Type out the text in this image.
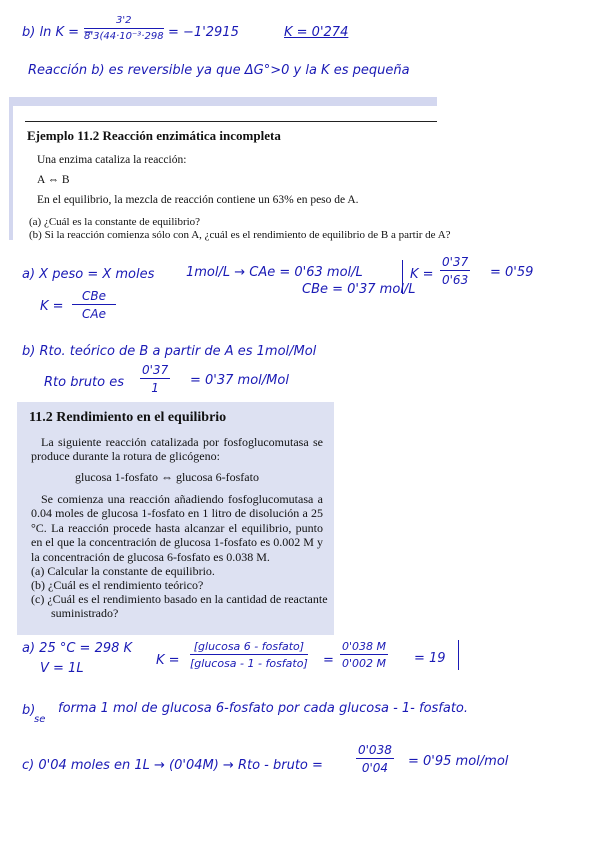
b) ln K = −
$\frac{3'2}{\text{8'3(44·10⁻³·298}} = -1'2915$	K = 0'274
Reacción b) es reversible ya que ΔG°>0 y la K es pequeña
Ejemplo 11.2 Reacción enzimática incompleta
Una enzima cataliza la reacción:
A ⇔ B
En el equilibrio, la mezcla de reacción contiene un 63% en peso de A.
(a) ¿Cuál es la constante de equilibrio?
(b) Si la reacción comienza sólo con A, ¿cuál es el rendimiento de equilibrio de B a partir de A?
a) X peso = X moles 1mol/L → CAe = 0'63 mol/L
CBe = 0'37 mol/L
$K = \frac{0'37}{0'63} = 0'59$
K =
CBe
CAe
b) Rto. teórico de B a partir de A es 1mol/Mol
Rto bruto es $\frac{0'37}{1} = 0'37$ mol/Mol
11.2 Rendimiento en el equilibrio
La siguiente reacción catalizada por fosfoglucomutasa se produce durante la rotura de glicógeno:
glucosa 1-fosfato ⇔ glucosa 6-fosfato
Se comienza una reacción añadiendo fosfoglucomutasa a 0.04 moles de glucosa 1-fosfato en 1 litro de disolución a 25 °C. La reacción procede hasta alcanzar el equilibrio, punto en el que la concentración de glucosa 1-fosfato es 0.002 M y la concentración de glucosa 6-fosfato es 0.038 M.
(a) Calcular la constante de equilibrio.
(b) ¿Cuál es el rendimiento teórico?
(c) ¿Cuál es el rendimiento basado en la cantidad de reactante
suministrado?
a) 25 °C = 298 K
V = 1L
K =
[glucosa 6 - fosfato]
[glucosa - 1 - fosfato] = $\frac{0'038 M}{0'002 M} = 19$
b)
se
forma 1 mol de glucosa 6-fosfato por cada glucosa - 1- fosfato.
c) 0'04 moles en 1L → (0'04M) → Rto - bruto =	$\frac{0'038}{0'04} = 0'95$ mol/mol
